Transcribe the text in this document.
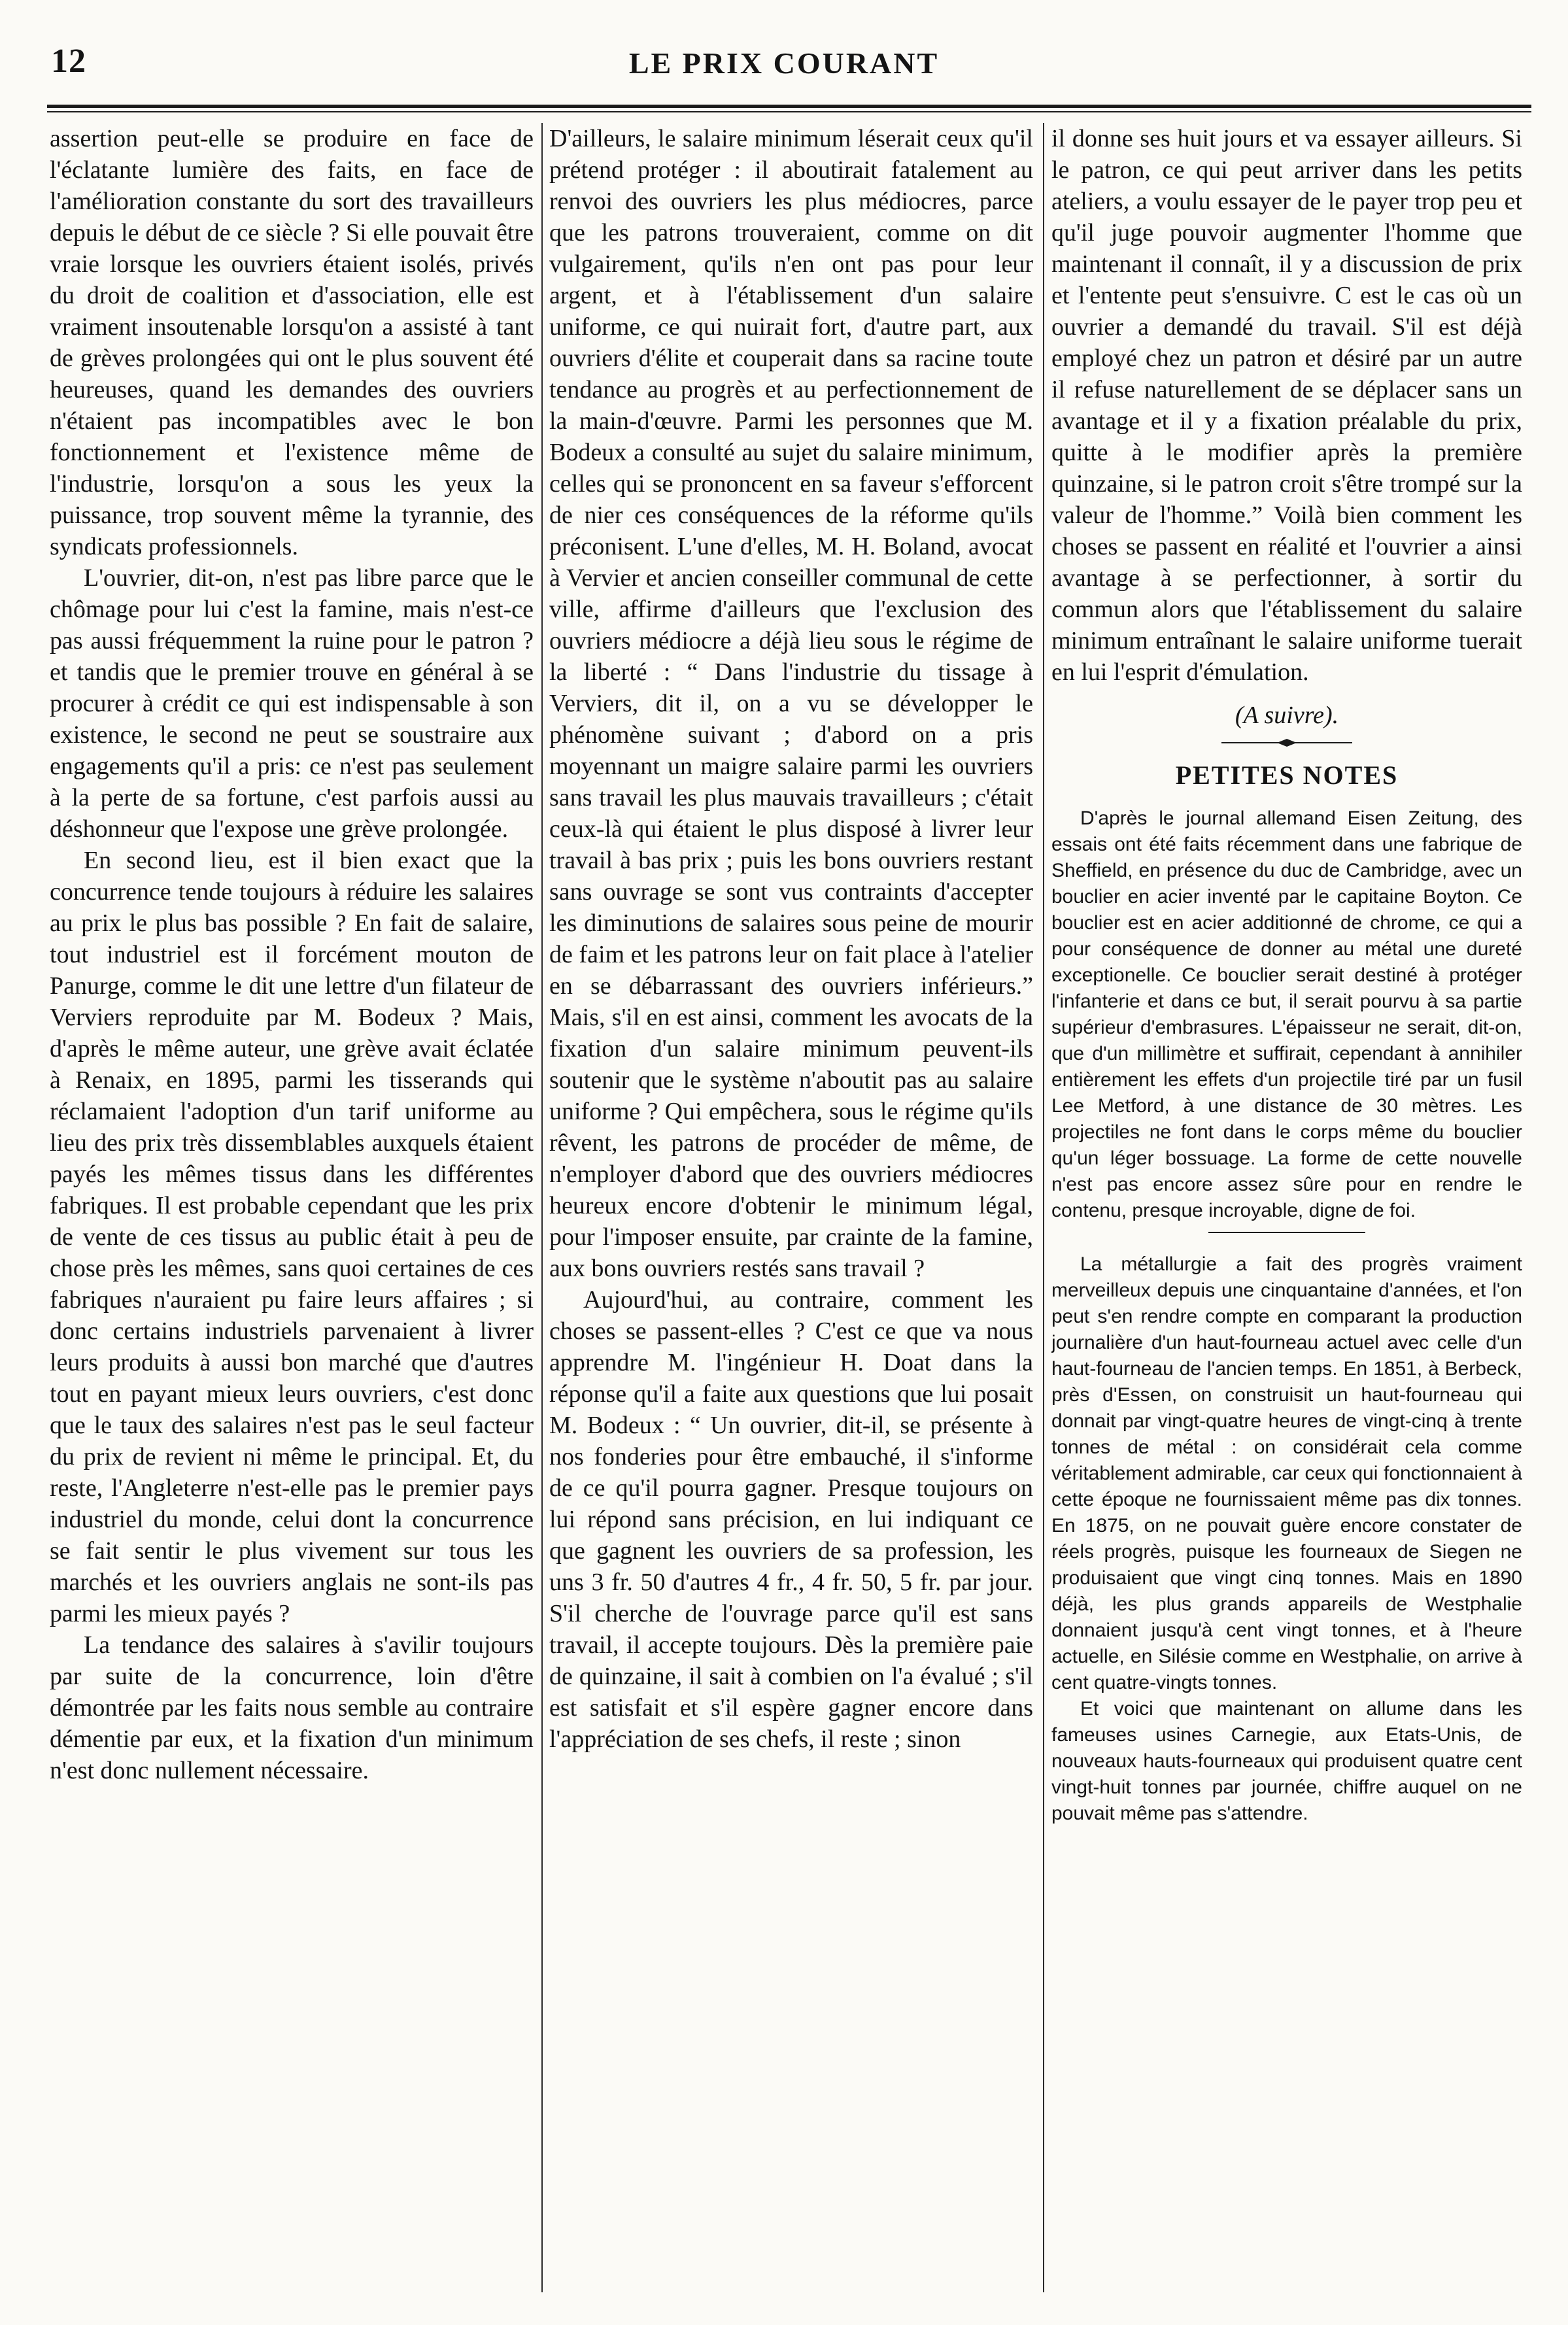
12	LE PRIX COURANT

assertion peut-elle se produire en face de l'éclatante lumière des faits, en face de l'amélioration constante du sort des travailleurs depuis le début de ce siècle ? Si elle pouvait être vraie lorsque les ouvriers étaient isolés, privés du droit de coalition et d'association, elle est vraiment insoutenable lorsqu'on a assisté à tant de grèves prolongées qui ont le plus souvent été heureuses, quand les demandes des ouvriers n'étaient pas incompatibles avec le bon fonctionnement et l'existence même de l'industrie, lorsqu'on a sous les yeux la puissance, trop souvent même la tyrannie, des syndicats professionnels.

L'ouvrier, dit-on, n'est pas libre parce que le chômage pour lui c'est la famine, mais n'est-ce pas aussi fréquemment la ruine pour le patron ? et tandis que le premier trouve en général à se procurer à crédit ce qui est indispensable à son existence, le second ne peut se soustraire aux engagements qu'il a pris: ce n'est pas seulement à la perte de sa fortune, c'est parfois aussi au déshonneur que l'expose une grève prolongée.

En second lieu, est il bien exact que la concurrence tende toujours à réduire les salaires au prix le plus bas possible ? En fait de salaire, tout industriel est il forcément mouton de Panurge, comme le dit une lettre d'un filateur de Verviers reproduite par M. Bodeux ? Mais, d'après le même auteur, une grève avait éclatée à Renaix, en 1895, parmi les tisserands qui réclamaient l'adoption d'un tarif uniforme au lieu des prix très dissemblables auxquels étaient payés les mêmes tissus dans les différentes fabriques. Il est probable cependant que les prix de vente de ces tissus au public était à peu de chose près les mêmes, sans quoi certaines de ces fabriques n'auraient pu faire leurs affaires ; si donc certains industriels parvenaient à livrer leurs produits à aussi bon marché que d'autres tout en payant mieux leurs ouvriers, c'est donc que le taux des salaires n'est pas le seul facteur du prix de revient ni même le principal. Et, du reste, l'Angleterre n'est-elle pas le premier pays industriel du monde, celui dont la concurrence se fait sentir le plus vivement sur tous les marchés et les ouvriers anglais ne sont-ils pas parmi les mieux payés ?

La tendance des salaires à s'avilir toujours par suite de la concurrence, loin d'être démontrée par les faits nous semble au contraire démentie par eux, et la fixation d'un minimum n'est donc nullement nécessaire.

D'ailleurs, le salaire minimum léserait ceux qu'il prétend protéger : il aboutirait fatalement au renvoi des ouvriers les plus médiocres, parce que les patrons trouveraient, comme on dit vulgairement, qu'ils n'en ont pas pour leur argent, et à l'établissement d'un salaire uniforme, ce qui nuirait fort, d'autre part, aux ouvriers d'élite et couperait dans sa racine toute tendance au progrès et au perfectionnement de la main-d'œuvre. Parmi les personnes que M. Bodeux a consulté au sujet du salaire minimum, celles qui se prononcent en sa faveur s'efforcent de nier ces conséquences de la réforme qu'ils préconisent. L'une d'elles, M. H. Boland, avocat à Vervier et ancien conseiller communal de cette ville, affirme d'ailleurs que l'exclusion des ouvriers médiocre a déjà lieu sous le régime de la liberté : “ Dans l'industrie du tissage à Verviers, dit il, on a vu se développer le phénomène suivant ; d'abord on a pris moyennant un maigre salaire parmi les ouvriers sans travail les plus mauvais travailleurs ; c'était ceux-là qui étaient le plus disposé à livrer leur travail à bas prix ; puis les bons ouvriers restant sans ouvrage se sont vus contraints d'accepter les diminutions de salaires sous peine de mourir de faim et les patrons leur on fait place à l'atelier en se débarrassant des ouvriers inférieurs.” Mais, s'il en est ainsi, comment les avocats de la fixation d'un salaire minimum peuvent-ils soutenir que le système n'aboutit pas au salaire uniforme ? Qui empêchera, sous le régime qu'ils rêvent, les patrons de procéder de même, de n'employer d'abord que des ouvriers médiocres heureux encore d'obtenir le minimum légal, pour l'imposer ensuite, par crainte de la famine, aux bons ouvriers restés sans travail ?

Aujourd'hui, au contraire, comment les choses se passent-elles ? C'est ce que va nous apprendre M. l'ingénieur H. Doat dans la réponse qu'il a faite aux questions que lui posait M. Bodeux : “ Un ouvrier, dit-il, se présente à nos fonderies pour être embauché, il s'informe de ce qu'il pourra gagner. Presque toujours on lui répond sans précision, en lui indiquant ce que gagnent les ouvriers de sa profession, les uns 3 fr. 50 d'autres 4 fr., 4 fr. 50, 5 fr. par jour. S'il cherche de l'ouvrage parce qu'il est sans travail, il accepte toujours. Dès la première paie de quinzaine, il sait à combien on l'a évalué ; s'il est satisfait et s'il espère gagner encore dans l'appréciation de ses chefs, il reste ; sinon

il donne ses huit jours et va essayer ailleurs. Si le patron, ce qui peut arriver dans les petits ateliers, a voulu essayer de le payer trop peu et qu'il juge pouvoir augmenter l'homme que maintenant il connaît, il y a discussion de prix et l'entente peut s'ensuivre. C est le cas où un ouvrier a demandé du travail. S'il est déjà employé chez un patron et désiré par un autre il refuse naturellement de se déplacer sans un avantage et il y a fixation préalable du prix, quitte à le modifier après la première quinzaine, si le patron croit s'être trompé sur la valeur de l'homme.” Voilà bien comment les choses se passent en réalité et l'ouvrier a ainsi avantage à se perfectionner, à sortir du commun alors que l'établissement du salaire minimum entraînant le salaire uniforme tuerait en lui l'esprit d'émulation.

(A suivre).
PETITES NOTES

D'après le journal allemand Eisen Zeitung, des essais ont été faits récemment dans une fabrique de Sheffield, en présence du duc de Cambridge, avec un bouclier en acier inventé par le capitaine Boyton. Ce bouclier est en acier additionné de chrome, ce qui a pour conséquence de donner au métal une dureté exceptionelle. Ce bouclier serait destiné à protéger l'infanterie et dans ce but, il serait pourvu à sa partie supérieur d'embrasures. L'épaisseur ne serait, dit-on, que d'un millimètre et suffirait, cependant à annihiler entièrement les effets d'un projectile tiré par un fusil Lee Metford, à une distance de 30 mètres. Les projectiles ne font dans le corps même du bouclier qu'un léger bossuage. La forme de cette nouvelle n'est pas encore assez sûre pour en rendre le contenu, presque incroyable, digne de foi.

La métallurgie a fait des progrès vraiment merveilleux depuis une cinquantaine d'années, et l'on peut s'en rendre compte en comparant la production journalière d'un haut-fourneau actuel avec celle d'un haut-fourneau de l'ancien temps. En 1851, à Berbeck, près d'Essen, on construisit un haut-fourneau qui donnait par vingt-quatre heures de vingt-cinq à trente tonnes de métal : on considérait cela comme véritablement admirable, car ceux qui fonctionnaient à cette époque ne fournissaient même pas dix tonnes. En 1875, on ne pouvait guère encore constater de réels progrès, puisque les fourneaux de Siegen ne produisaient que vingt cinq tonnes. Mais en 1890 déjà, les plus grands appareils de Westphalie donnaient jusqu'à cent vingt tonnes, et à l'heure actuelle, en Silésie comme en Westphalie, on arrive à cent quatre-vingts tonnes.

Et voici que maintenant on allume dans les fameuses usines Carnegie, aux Etats-Unis, de nouveaux hauts-fourneaux qui produisent quatre cent vingt-huit tonnes par journée, chiffre auquel on ne pouvait même pas s'attendre.
